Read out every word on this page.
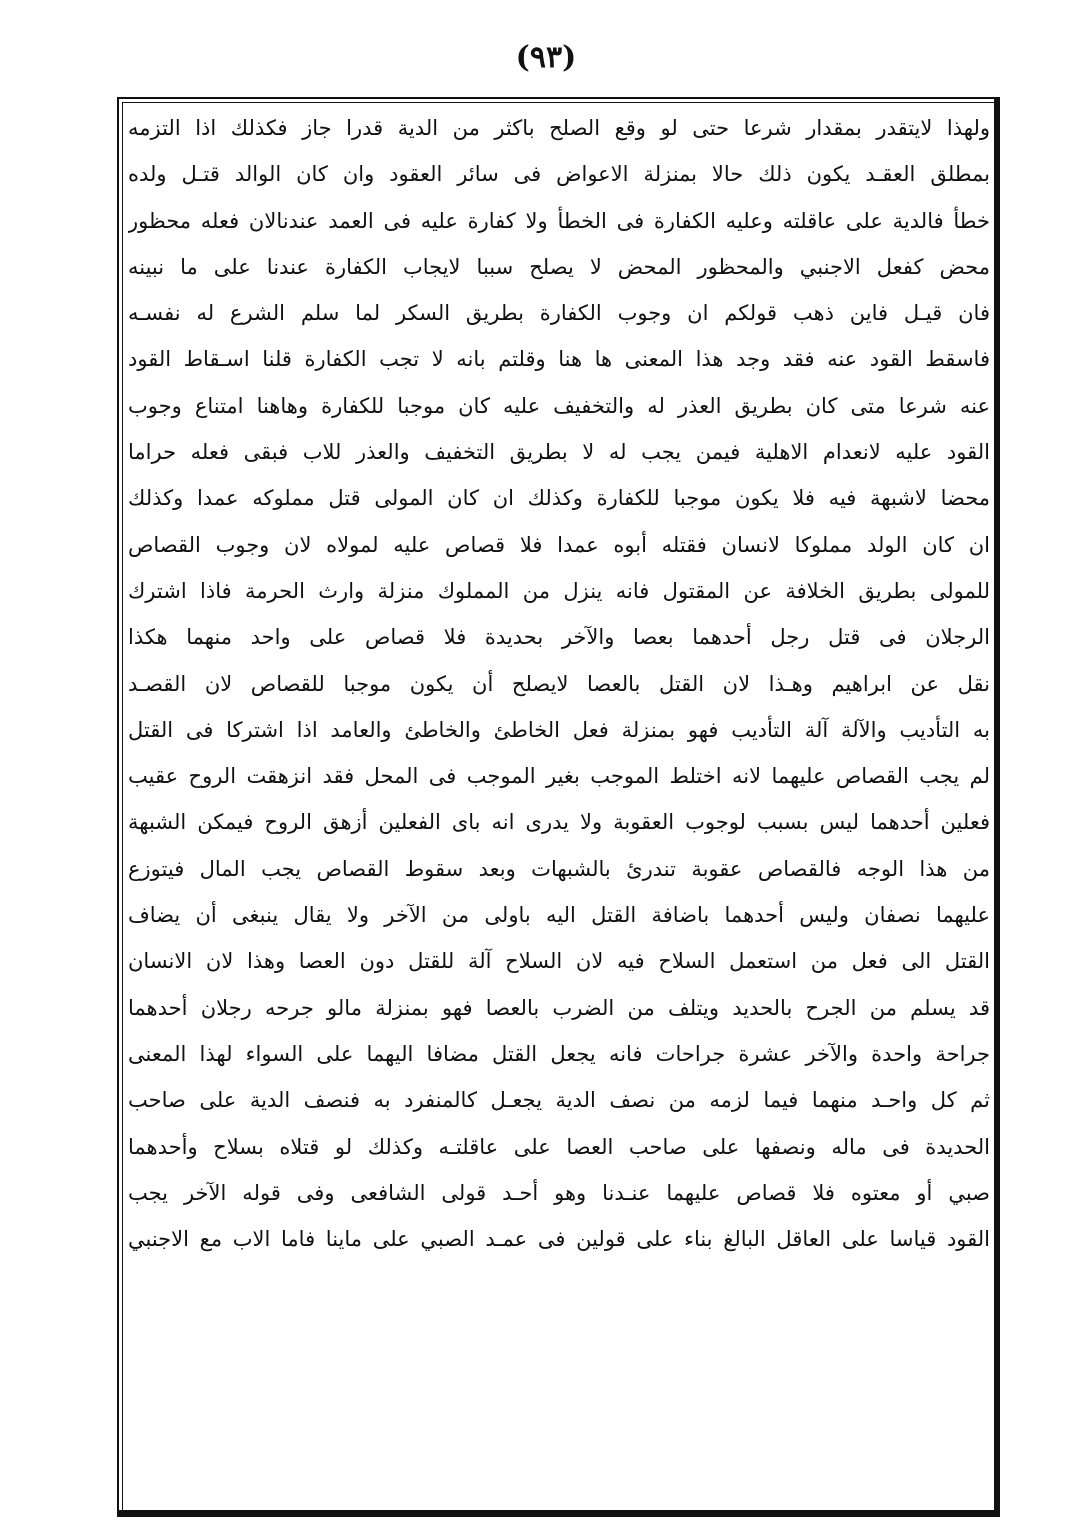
(٩٣)
ولهذا لايتقدر بمقدار شرعا حتى لو وقع الصلح باكثر من الدية قدرا جاز فكذلك اذا التزمه
بمطلق العقـد يكون ذلك حالا بمنزلة الاعواض فى سائر العقود وان كان الوالد قتـل ولده
خطأ فالدية على عاقلته وعليه الكفارة فى الخطأ ولا كفارة عليه فى العمد عندنالان فعله محظور
محض كفعل الاجنبي والمحظور المحض لا يصلح سببا لايجاب الكفارة عندنا على ما نبينه
فان قيـل فاين ذهب قولكم ان وجوب الكفارة بطريق السكر لما سلم الشرع له نفسـه
فاسقط القود عنه فقد وجد هذا المعنى ها هنا وقلتم بانه لا تجب الكفارة قلنا اسـقاط القود
عنه شرعا متى كان بطريق العذر له والتخفيف عليه كان موجبا للكفارة وهاهنا امتناع وجوب
القود عليه لانعدام الاهلية فيمن يجب له لا بطريق التخفيف والعذر للاب فبقى فعله حراما
محضا لاشبهة فيه فلا يكون موجبا للكفارة وكذلك ان كان المولى قتل مملوكه عمدا وكذلك
ان كان الولد مملوكا لانسان فقتله أبوه عمدا فلا قصاص عليه لمولاه لان وجوب القصاص
للمولى بطريق الخلافة عن المقتول فانه ينزل من المملوك منزلة وارث الحرمة فاذا اشترك
الرجلان فى قتل رجل أحدهما بعصا والآخر بحديدة فلا قصاص على واحد منهما هكذا
نقل عن ابراهيم وهـذا لان القتل بالعصا لايصلح أن يكون موجبا للقصاص لان القصـد
به التأديب والآلة آلة التأديب فهو بمنزلة فعل الخاطئ والخاطئ والعامد اذا اشتركا فى القتل
لم يجب القصاص عليهما لانه اختلط الموجب بغير الموجب فى المحل فقد انزهقت الروح عقيب
فعلين أحدهما ليس بسبب لوجوب العقوبة ولا يدرى انه باى الفعلين أزهق الروح فيمكن الشبهة
من هذا الوجه فالقصاص عقوبة تندرئ بالشبهات وبعد سقوط القصاص يجب المال فيتوزع
عليهما نصفان وليس أحدهما باضافة القتل اليه باولى من الآخر ولا يقال ينبغى أن يضاف
القتل الى فعل من استعمل السلاح فيه لان السلاح آلة للقتل دون العصا وهذا لان الانسان
قد يسلم من الجرح بالحديد ويتلف من الضرب بالعصا فهو بمنزلة مالو جرحه رجلان أحدهما
جراحة واحدة والآخر عشرة جراحات فانه يجعل القتل مضافا اليهما على السواء لهذا المعنى
ثم كل واحـد منهما فيما لزمه من نصف الدية يجعـل كالمنفرد به فنصف الدية على صاحب
الحديدة فى ماله ونصفها على صاحب العصا على عاقلتـه وكذلك لو قتلاه بسلاح وأحدهما
صبي أو معتوه فلا قصاص عليهما عنـدنا وهو أحـد قولى الشافعى وفى قوله الآخر يجب
القود قياسا على العاقل البالغ بناء على قولين فى عمـد الصبي على ماينا فاما الاب مع الاجنبي
